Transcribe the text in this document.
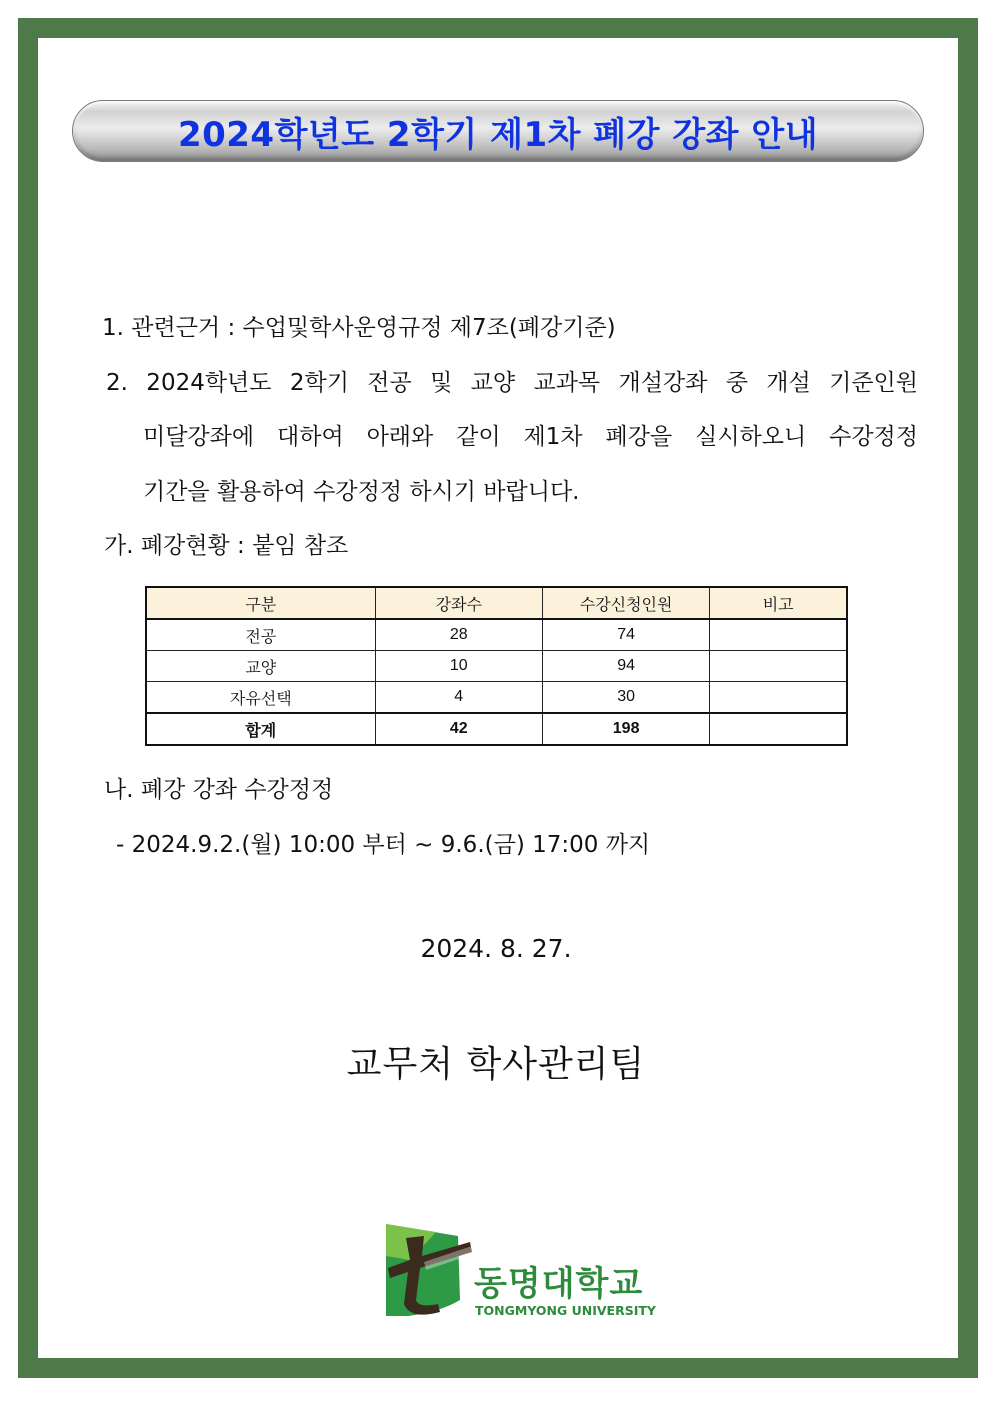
2024학년도 2학기 제1차 폐강 강좌 안내
1. 관련근거 : 수업및학사운영규정 제7조(폐강기준)
2. 2024학년도 2학기 전공 및 교양 교과목 개설강좌 중 개설 기준인원
미달강좌에 대하여 아래와 같이 제1차 폐강을 실시하오니 수강정정
기간을 활용하여 수강정정 하시기 바랍니다.
가. 폐강현황 : 붙임 참조
구분	강좌수	수강신청인원	비고
전공	28	74	
교양	10	94	
자유선택	4	30	
합계	42	198	
나. 폐강 강좌 수강정정
- 2024.9.2.(월) 10:00 부터 ~ 9.6.(금) 17:00 까지
2024. 8. 27.
교무처 학사관리팀
동명대학교
TONGMYONG UNIVERSITY
